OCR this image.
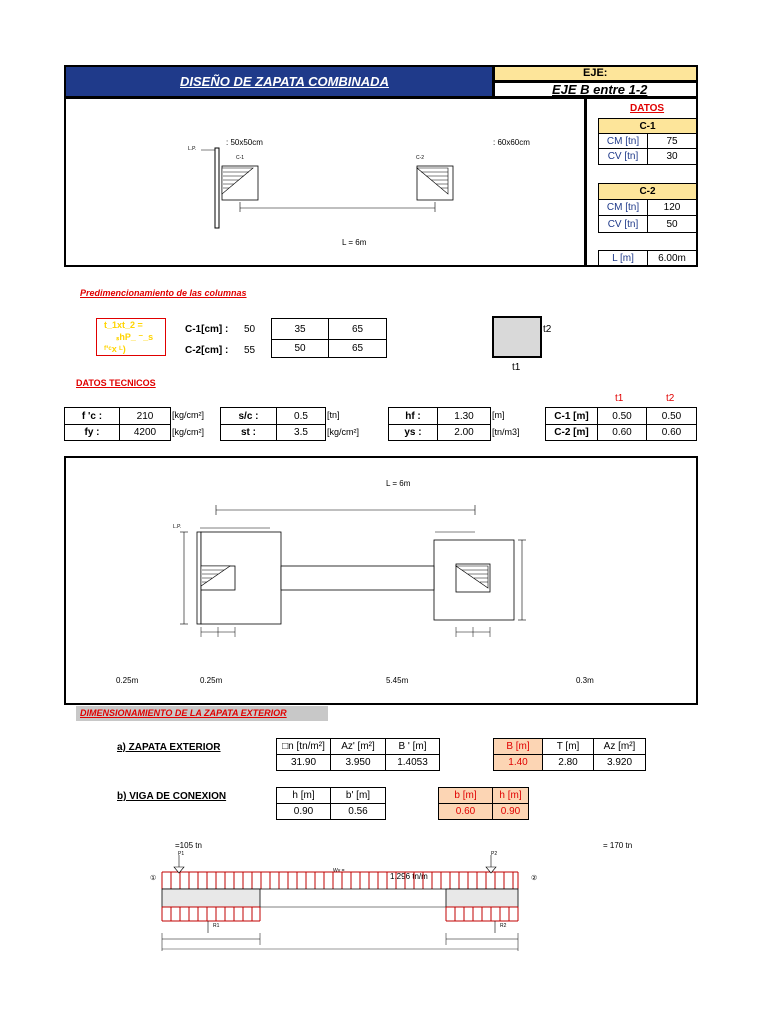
DISEÑO DE ZAPATA COMBINADA
EJE:
EJE B entre 1-2
: 50x50cm	: 60x60cm
L.P.
C-1	C-2
L = 6m
DATOS
C-1
CM [tn]	75
CV [tn]	30
C-2
CM [tn]	120
CV [tn]	50
L [m]	6.00m
Predimencionamiento de las columnas
t_1xt_2 =
ₛhP_ ⁻_s
ᶠ'ᶜx ᴸ)
C-1[cm] : 50	35	65
C-2[cm] : 55	50	65
t2
t1
DATOS TECNICOS
f 'c :	210	[kg/cm²]
fy :	4200	[kg/cm²]
s/c :	0.5	[tn]
st :	3.5	[kg/cm²]
hf :	1.30	[m]
ys :	2.00	[tn/m3]
t1	t2
C-1 [m]	0.50	0.50
C-2 [m]	0.60	0.60
L = 6m
L.P.
0.25m	0.25m	5.45m	0.3m
DIMENSIONAMIENTO DE LA ZAPATA EXTERIOR
a) ZAPATA EXTERIOR	□n [tn/m²]	Az' [m²]	B ' [m]
31.90	3.950	1.4053
B [m]	T [m]	Az [m²]
1.40	2.80	3.920
b) VIGA DE CONEXION	h [m]	b' [m]
0.90	0.56
b [m]	h [m]
0.60	0.90
=105 tn	= 170 tn
P1	P2
Wv =
1.296 tn/m
①	②
R1	R2
